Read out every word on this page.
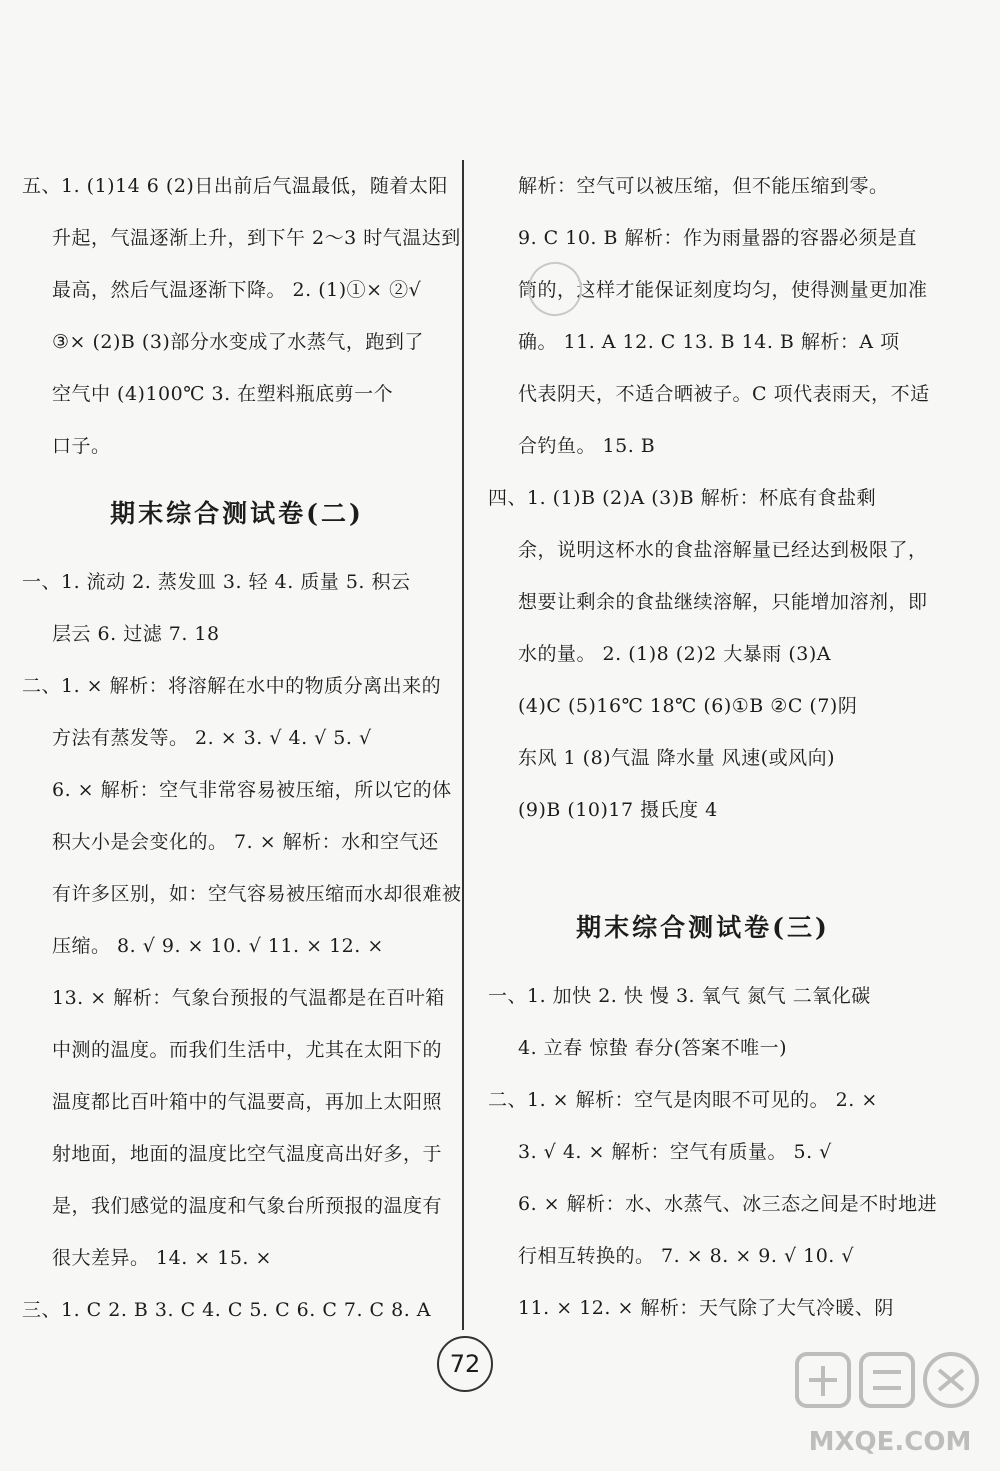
五、1. (1)14 6 (2)日出前后气温最低，随着太阳
升起，气温逐渐上升，到下午 2～3 时气温达到
最高，然后气温逐渐下降。 2. (1)①× ②√
③× (2)B (3)部分水变成了水蒸气，跑到了
空气中 (4)100℃ 3. 在塑料瓶底剪一个
口子。
期末综合测试卷(二)
一、1. 流动 2. 蒸发皿 3. 轻 4. 质量 5. 积云
层云 6. 过滤 7. 18
二、1. × 解析：将溶解在水中的物质分离出来的
方法有蒸发等。 2. × 3. √ 4. √ 5. √
6. × 解析：空气非常容易被压缩，所以它的体
积大小是会变化的。 7. × 解析：水和空气还
有许多区别，如：空气容易被压缩而水却很难被
压缩。 8. √ 9. × 10. √ 11. × 12. ×
13. × 解析：气象台预报的气温都是在百叶箱
中测的温度。而我们生活中，尤其在太阳下的
温度都比百叶箱中的气温要高，再加上太阳照
射地面，地面的温度比空气温度高出好多，于
是，我们感觉的温度和气象台所预报的温度有
很大差异。 14. × 15. ×
三、1. C 2. B 3. C 4. C 5. C 6. C 7. C 8. A
解析：空气可以被压缩，但不能压缩到零。
9. C 10. B 解析：作为雨量器的容器必须是直
筒的，这样才能保证刻度均匀，使得测量更加准
确。 11. A 12. C 13. B 14. B 解析：A 项
代表阴天，不适合晒被子。C 项代表雨天，不适
合钓鱼。 15. B
四、1. (1)B (2)A (3)B 解析：杯底有食盐剩
余，说明这杯水的食盐溶解量已经达到极限了，
想要让剩余的食盐继续溶解，只能增加溶剂，即
水的量。 2. (1)8 (2)2 大暴雨 (3)A
(4)C (5)16℃ 18℃ (6)①B ②C (7)阴
东风 1 (8)气温 降水量 风速(或风向)
(9)B (10)17 摄氏度 4
期末综合测试卷(三)
一、1. 加快 2. 快 慢 3. 氧气 氮气 二氧化碳
4. 立春 惊蛰 春分(答案不唯一)
二、1. × 解析：空气是肉眼不可见的。 2. ×
3. √ 4. × 解析：空气有质量。 5. √
6. × 解析：水、水蒸气、冰三态之间是不时地进
行相互转换的。 7. × 8. × 9. √ 10. √
11. × 12. × 解析：天气除了大气冷暖、阴
72
MXQE.COM
